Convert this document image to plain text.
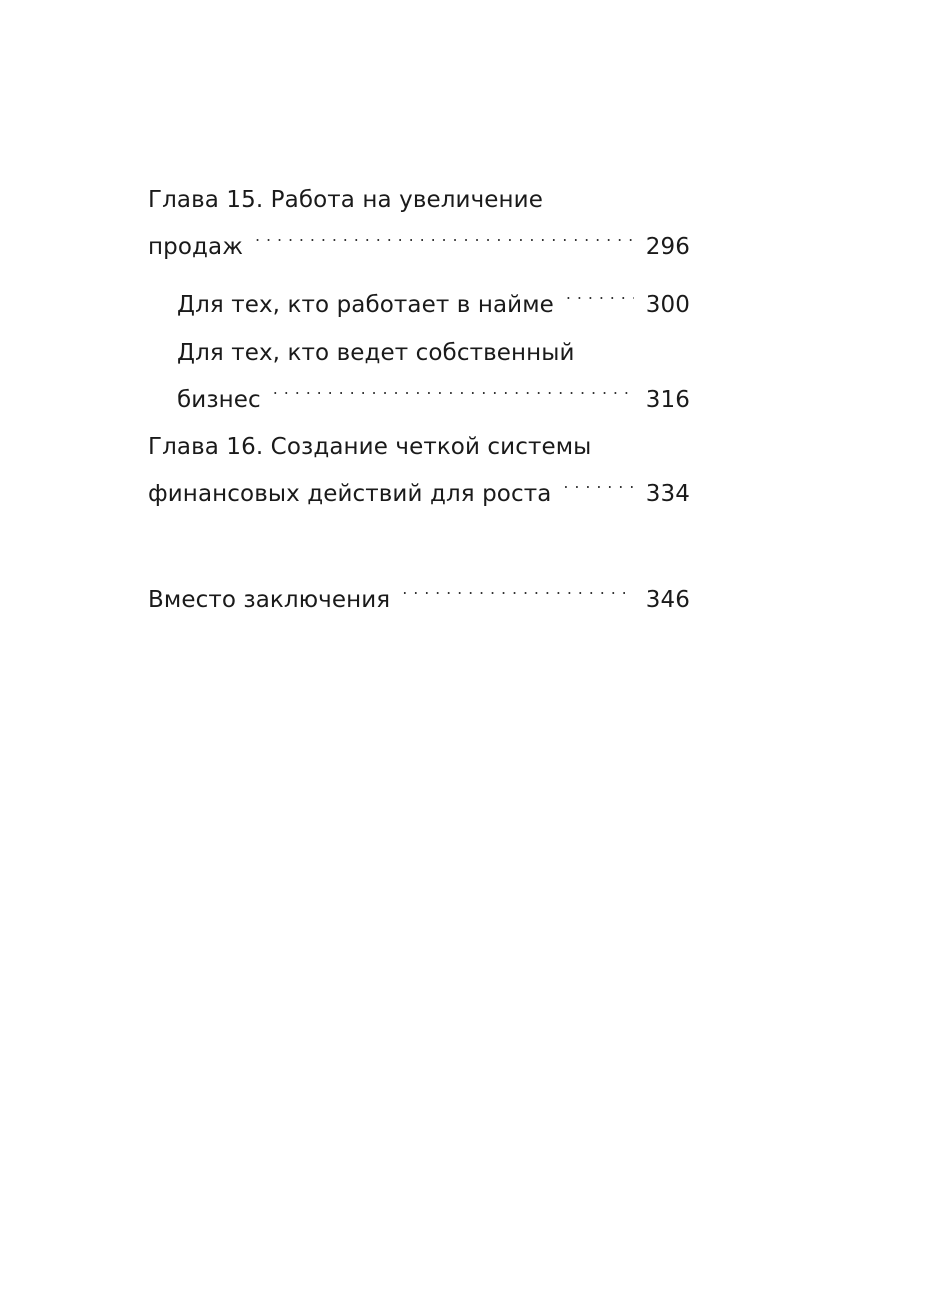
Глава 15. Работа на увеличение
продаж . . .	296
Для тех, кто работает в найме . . .	300
Для тех, кто ведет собственный
бизнес . . .	316
Глава 16. Создание четкой системы
финансовых действий для роста . . .	334
Вместо заключения . . .	346
